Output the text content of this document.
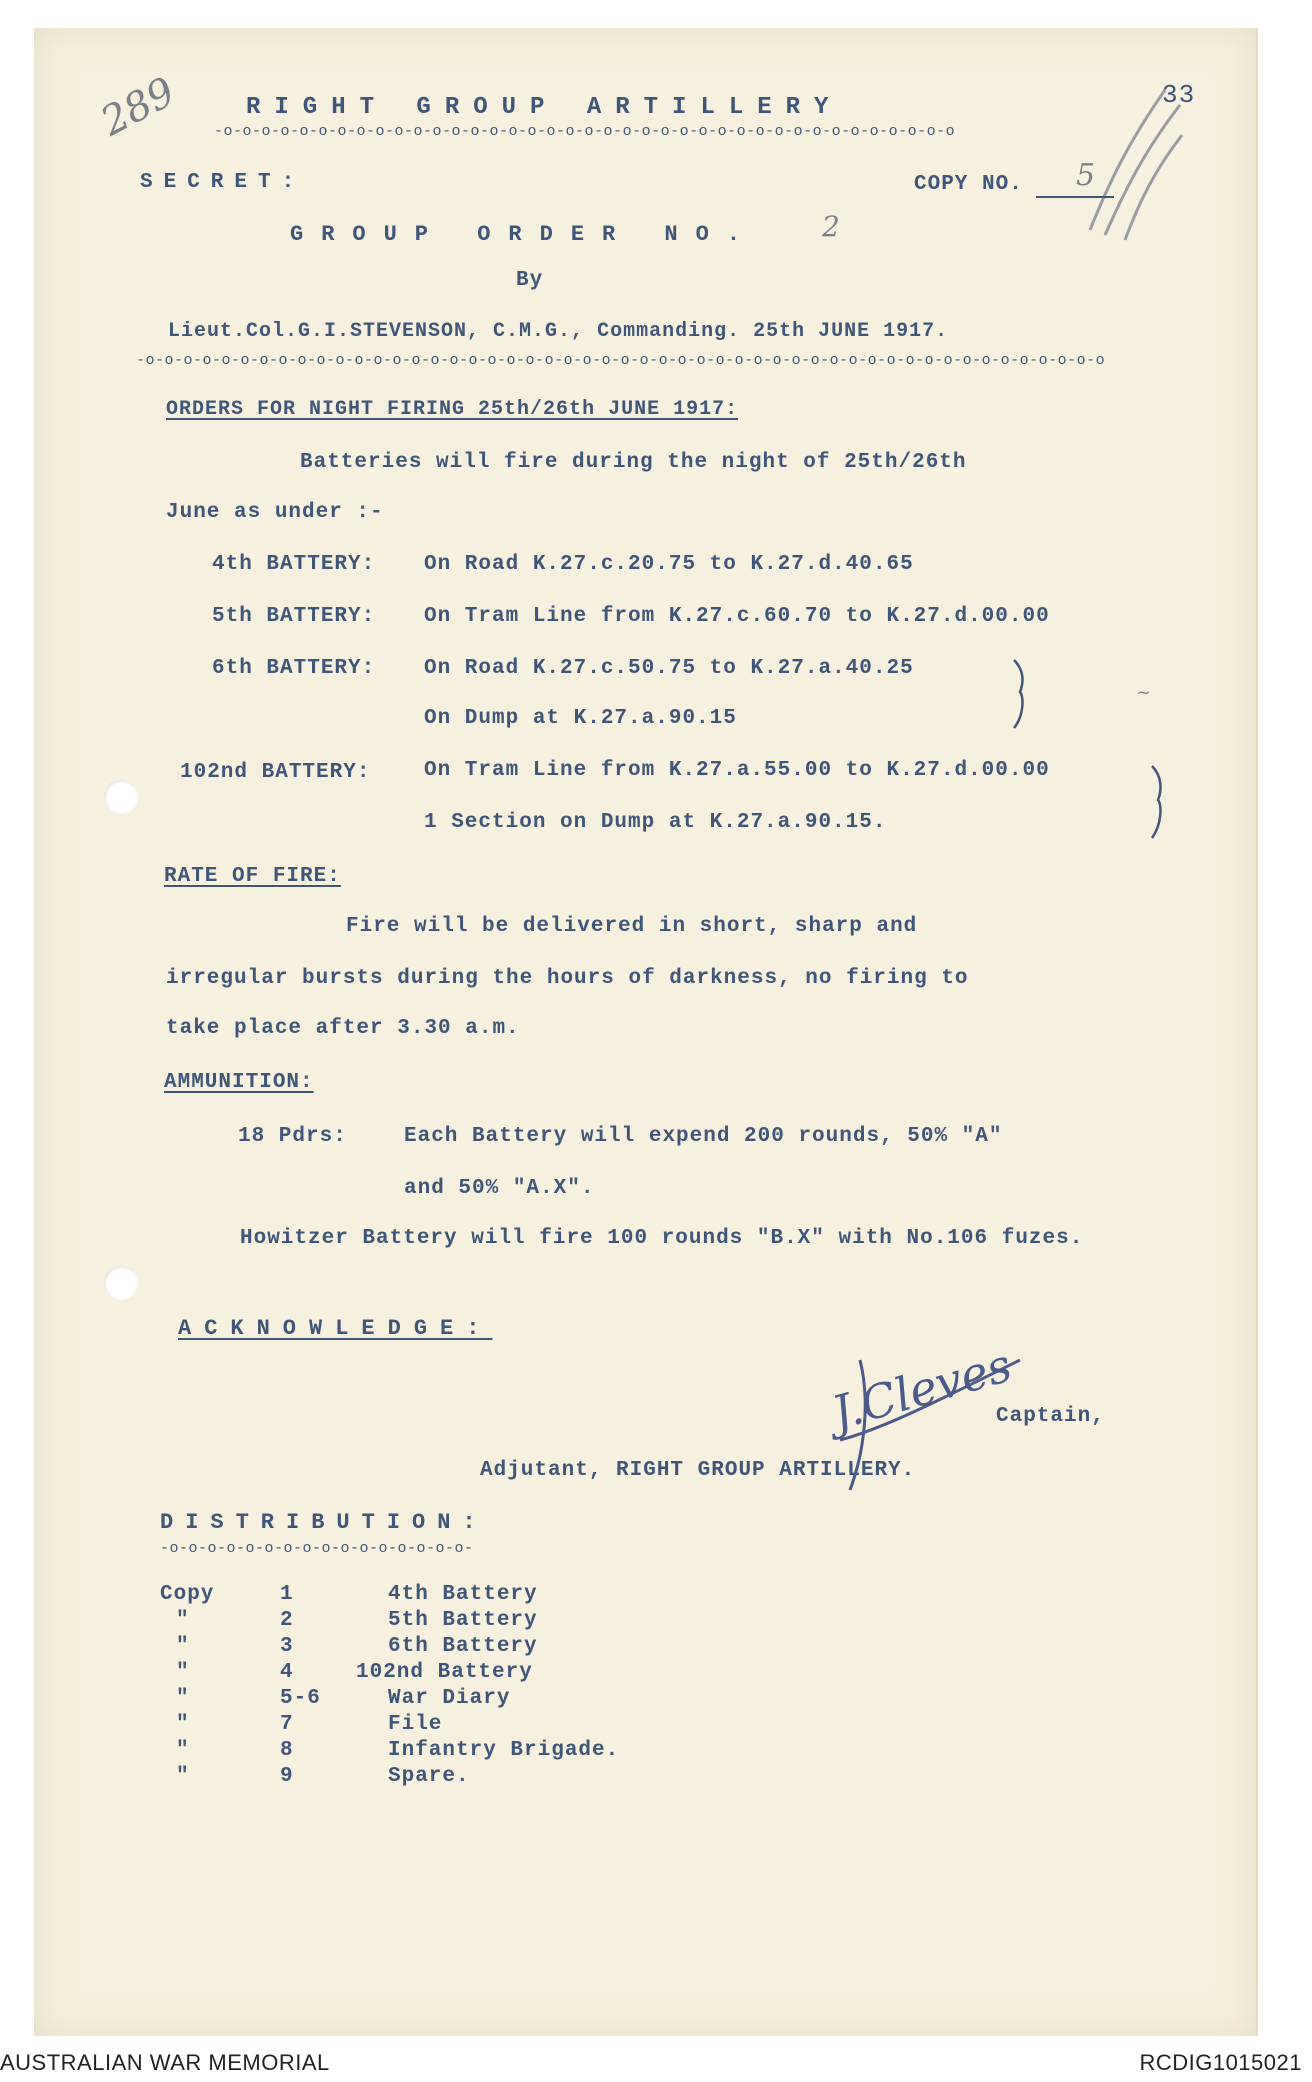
289	33
RIGHT GROUP ARTILLERY
-o-o-o-o-o-o-o-o-o-o-o-o-o-o-o-o-o-o-o-o-o-o-o-o-o-o-o-o-o-o-o-o-o-o-o-o-o-o-o
SECRET:	COPY NO. 5
GROUP ORDER NO. 2
By
Lieut.Col.G.I.STEVENSON, C.M.G., Commanding. 25th JUNE 1917.
-o-o-o-o-o-o-o-o-o-o-o-o-o-o-o-o-o-o-o-o-o-o-o-o-o-o-o-o-o-o-o-o-o-o-o-o-o-o-o-o-o-o-o-o-o-o-o-o-o-o-o
ORDERS FOR NIGHT FIRING 25th/26th JUNE 1917:
Batteries will fire during the night of 25th/26th
June as under :-
4th BATTERY: On Road K.27.c.20.75 to K.27.d.40.65
5th BATTERY: On Tram Line from K.27.c.60.70 to K.27.d.00.00
6th BATTERY: On Road K.27.c.50.75 to K.27.a.40.25
On Dump at K.27.a.90.15
~
102nd BATTERY:	On Tram Line from K.27.a.55.00 to K.27.d.00.00
1 Section on Dump at K.27.a.90.15.
RATE OF FIRE:
Fire will be delivered in short, sharp and
irregular bursts during the hours of darkness, no firing to
take place after 3.30 a.m.
AMMUNITION:
18 Pdrs:	Each Battery will expend 200 rounds, 50% "A"
and 50% "A.X".
Howitzer Battery will fire 100 rounds "B.X" with No.106 fuzes.
ACKNOWLEDGE:
Captain,
Adjutant, RIGHT GROUP ARTILLERY.
J.Cleves
DISTRIBUTION:
-o-o-o-o-o-o-o-o-o-o-o-o-o-o-o-o-
Copy	1	4th Battery
"	2	5th Battery
"	3	6th Battery
"	4	102nd Battery
"	5-6	War Diary
"	7	File
"	8	Infantry Brigade.
"	9	Spare.
AUSTRALIAN WAR MEMORIAL	RCDIG1015021
